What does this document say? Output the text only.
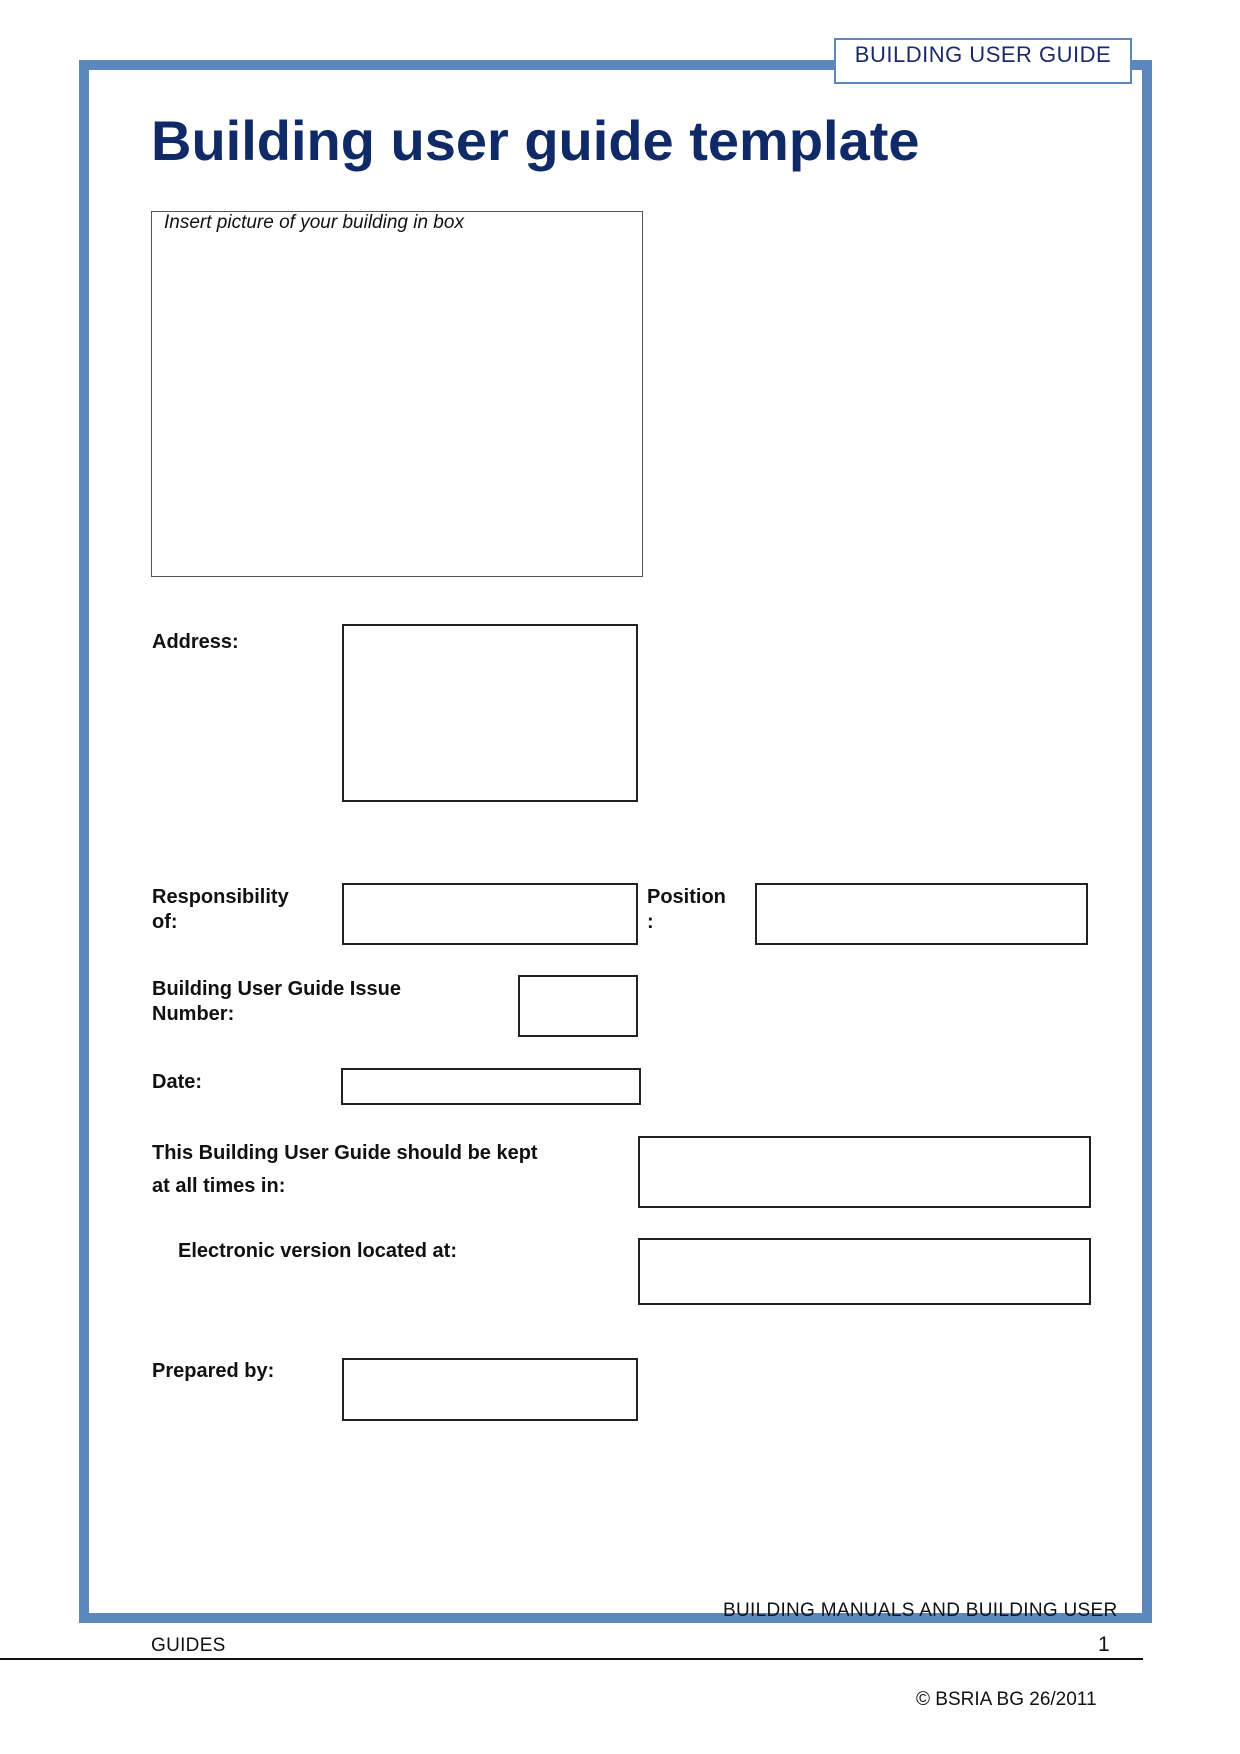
BUILDING USER GUIDE
Building user guide template
Insert picture of your building in box
Address:
Responsibility
of:
Position
:
Building User Guide Issue
Number:
Date:
This Building User Guide should be kept
at all times in:
Electronic version located at:
Prepared by:
BUILDING MANUALS AND BUILDING USER
GUIDES	1
© BSRIA BG 26/2011
